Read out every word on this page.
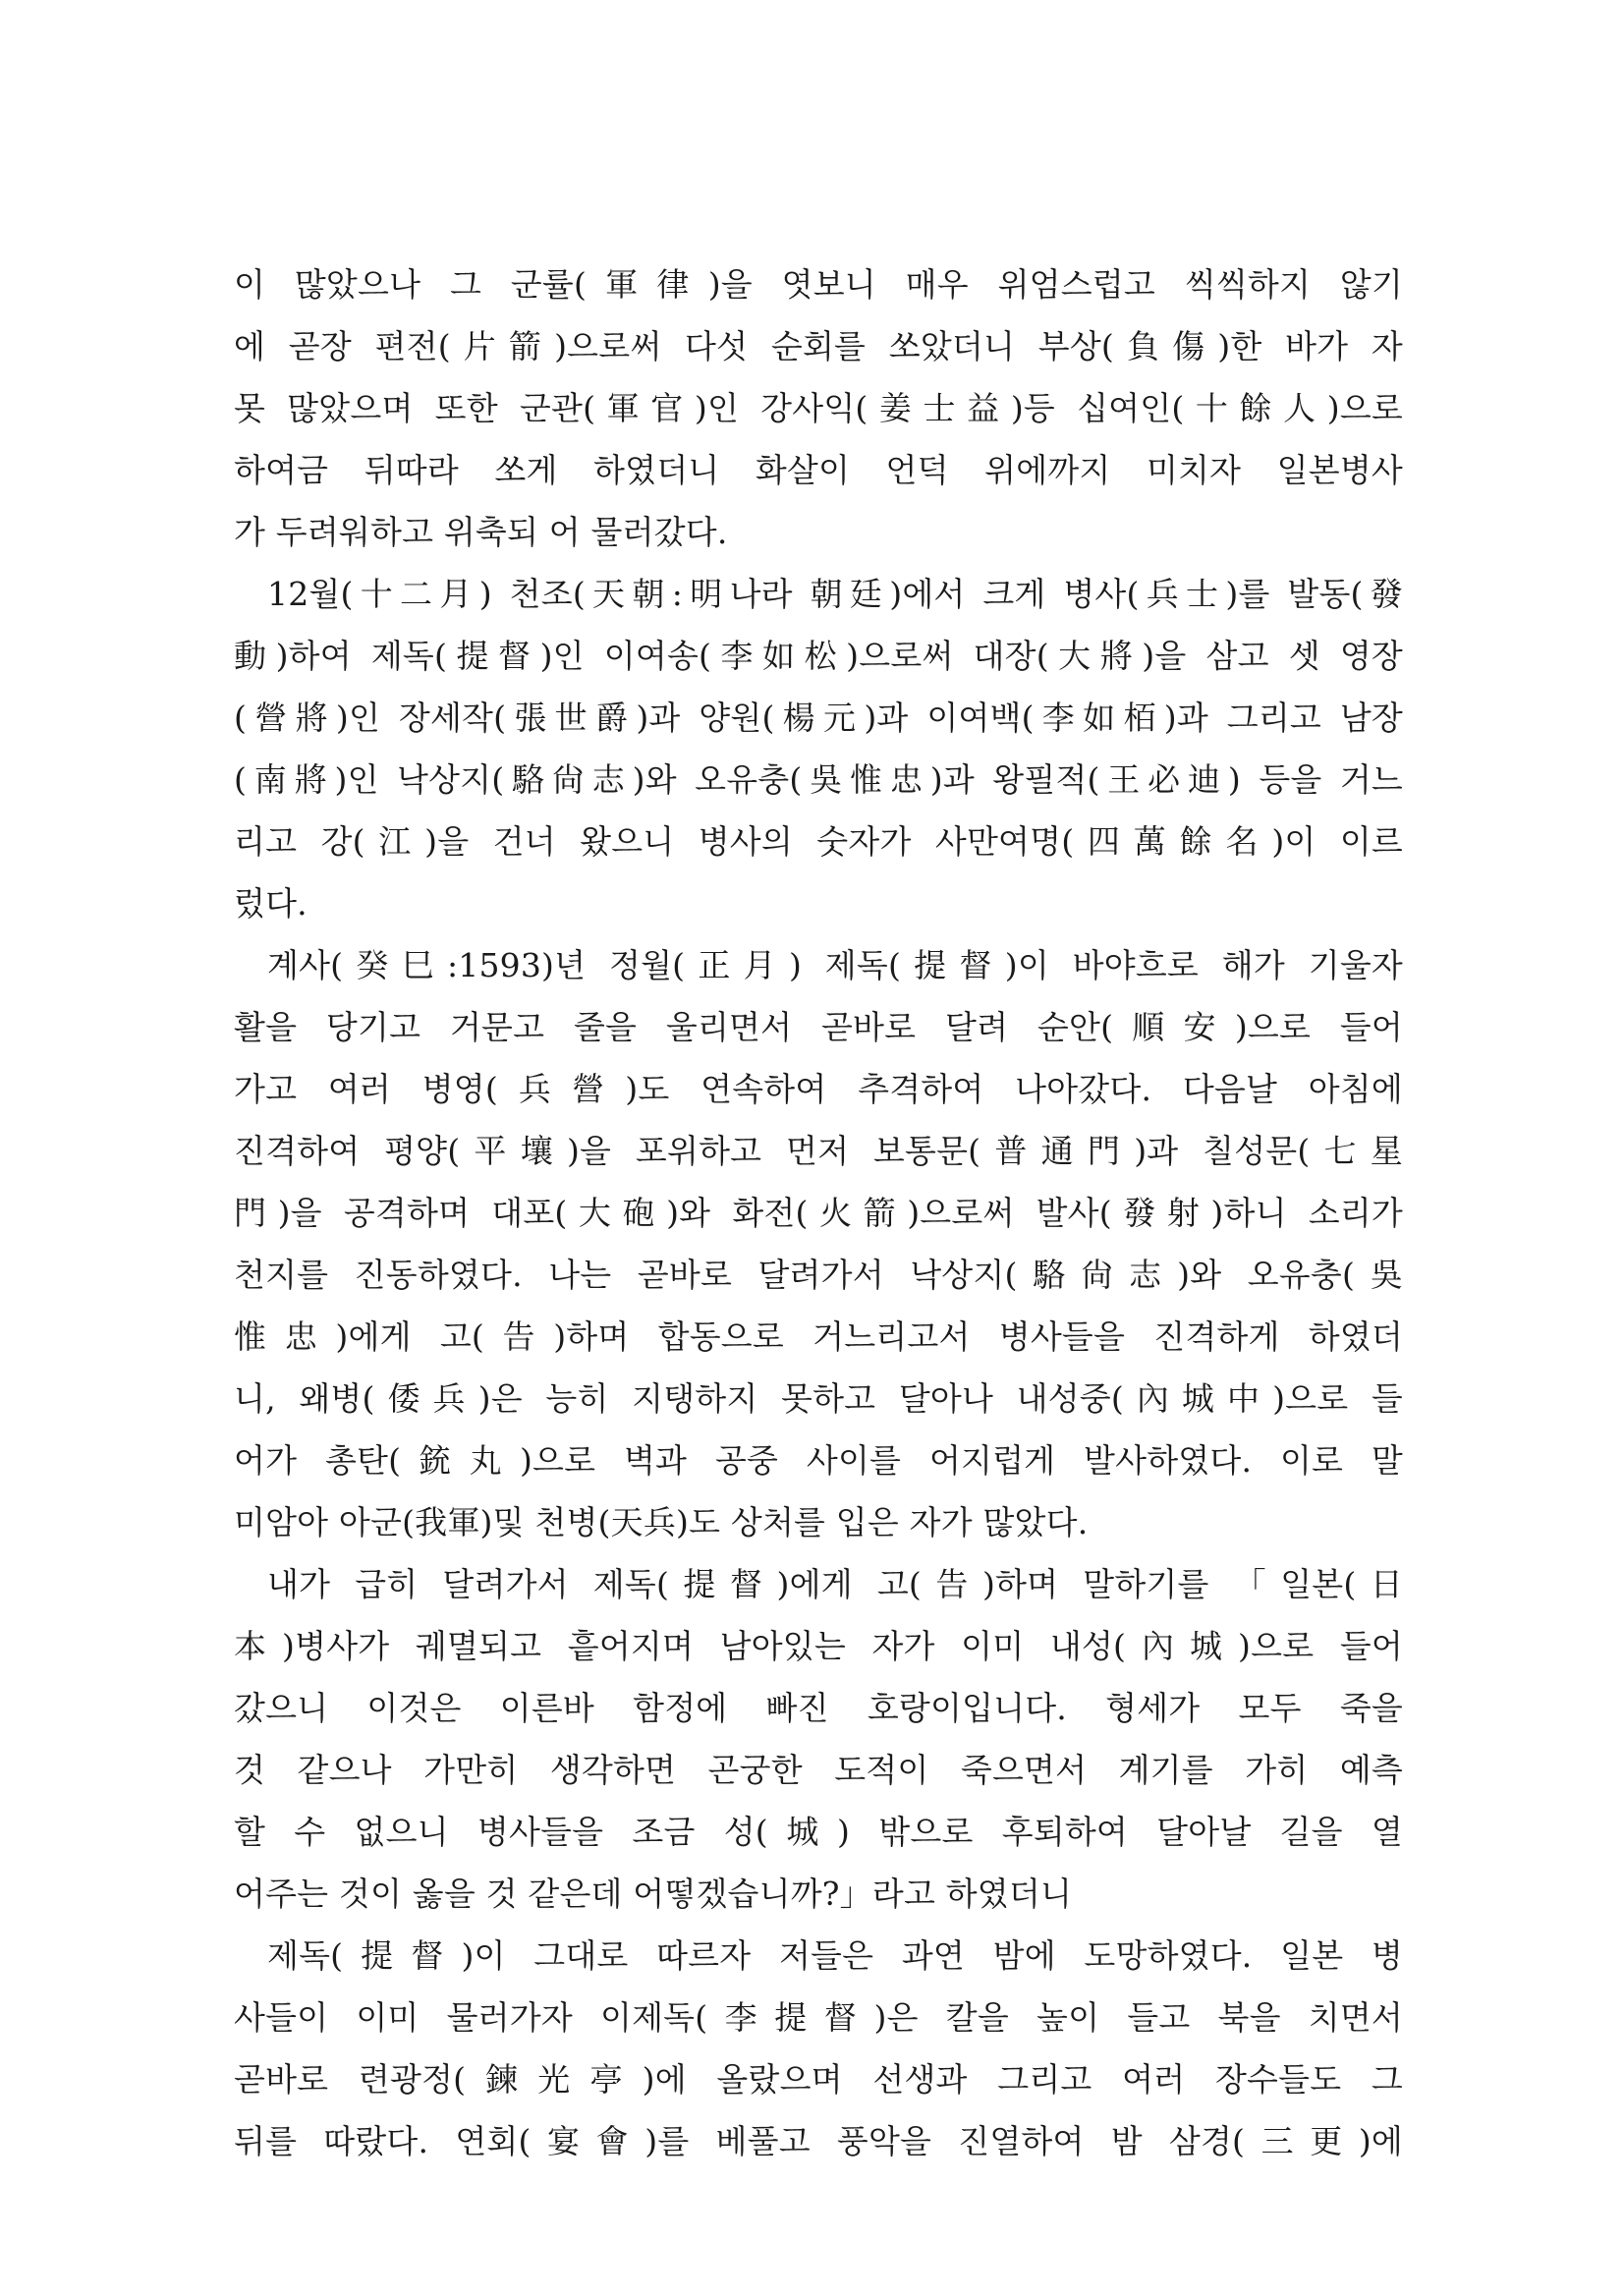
이 많았으나 그 군률(軍律)을 엿보니 매우 위엄스럽고 씩씩하지 않기
에 곧장 편전(片箭)으로써 다섯 순회를 쏘았더니 부상(負傷)한 바가 자
못 많았으며 또한 군관(軍官)인 강사익(姜士益)등 십여인(十餘人)으로
하여금 뒤따라 쏘게 하였더니 화살이 언덕 위에까지 미치자 일본병사
가 두려워하고 위축되 어 물러갔다.
12월(十二月) 천조(天朝:明나라 朝廷)에서 크게 병사(兵士)를 발동(發
動)하여 제독(提督)인 이여송(李如松)으로써 대장(大將)을 삼고 셋 영장
(營將)인 장세작(張世爵)과 양원(楊元)과 이여백(李如栢)과 그리고 남장
(南將)인 낙상지(駱尙志)와 오유충(吳惟忠)과 왕필적(王必迪) 등을 거느
리고 강(江)을 건너 왔으니 병사의 숫자가 사만여명(四萬餘名)이 이르
렀다.
계사(癸巳:1593)년 정월(正月) 제독(提督)이 바야흐로 해가 기울자
활을 당기고 거문고 줄을 울리면서 곧바로 달려 순안(順安)으로 들어
가고 여러 병영(兵營)도 연속하여 추격하여 나아갔다. 다음날 아침에
진격하여 평양(平壤)을 포위하고 먼저 보통문(普通門)과 칠성문(七星
門)을 공격하며 대포(大砲)와 화전(火箭)으로써 발사(發射)하니 소리가
천지를 진동하였다. 나는 곧바로 달려가서 낙상지(駱尙志)와 오유충(吳
惟忠)에게 고(告)하며 합동으로 거느리고서 병사들을 진격하게 하였더
니, 왜병(倭兵)은 능히 지탱하지 못하고 달아나 내성중(內城中)으로 들
어가 총탄(銃丸)으로 벽과 공중 사이를 어지럽게 발사하였다. 이로 말
미암아 아군(我軍)및 천병(天兵)도 상처를 입은 자가 많았다.
내가 급히 달려가서 제독(提督)에게 고(告)하며 말하기를 「일본(日
本)병사가 궤멸되고 흩어지며 남아있는 자가 이미 내성(內城)으로 들어
갔으니 이것은 이른바 함정에 빠진 호랑이입니다. 형세가 모두 죽을
것 같으나 가만히 생각하면 곤궁한 도적이 죽으면서 계기를 가히 예측
할 수 없으니 병사들을 조금 성(城) 밖으로 후퇴하여 달아날 길을 열
어주는 것이 옳을 것 같은데 어떻겠습니까?」라고 하였더니
제독(提督)이 그대로 따르자 저들은 과연 밤에 도망하였다. 일본 병
사들이 이미 물러가자 이제독(李提督)은 칼을 높이 들고 북을 치면서
곧바로 련광정(鍊光亭)에 올랐으며 선생과 그리고 여러 장수들도 그
뒤를 따랐다. 연회(宴會)를 베풀고 풍악을 진열하여 밤 삼경(三更)에
